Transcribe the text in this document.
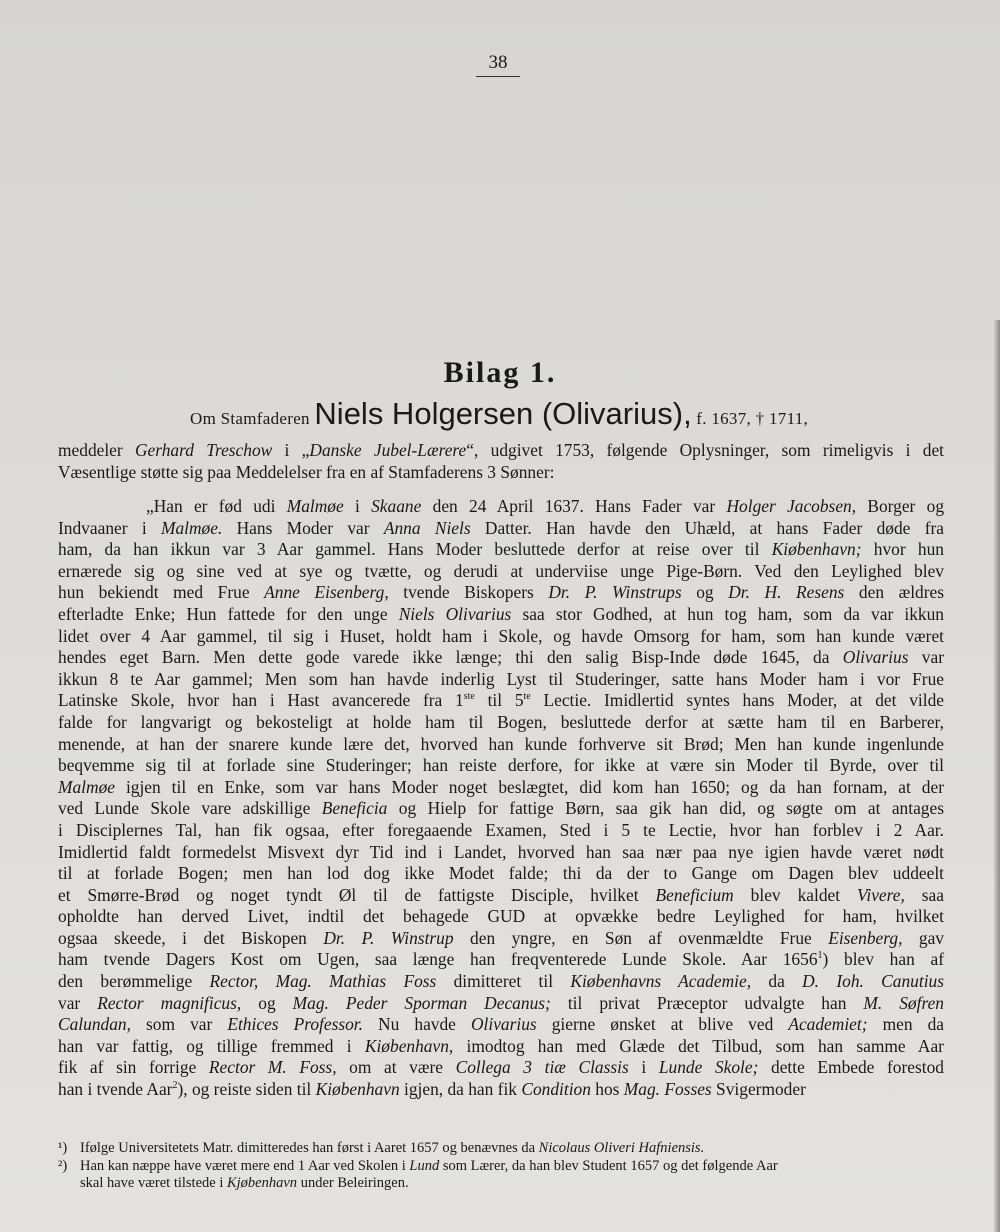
38
Bilag 1.
Om Stamfaderen Niels Holgersen (Olivarius), f. 1637, † 1711,
meddeler Gerhard Treschow i „Danske Jubel-Lærere“, udgivet 1753, følgende Oplysninger, som rimeligvis i det
Væsentlige støtte sig paa Meddelelser fra en af Stamfaderens 3 Sønner:
„Han er fød udi Malmøe i Skaane den 24 April 1637. Hans Fader var Holger Jacobsen, Borger og
Indvaaner i Malmøe. Hans Moder var Anna Niels Datter. Han havde den Uhæld, at hans Fader døde fra
ham, da han ikkun var 3 Aar gammel. Hans Moder besluttede derfor at reise over til Kiøbenhavn; hvor hun
ernærede sig og sine ved at sye og tvætte, og derudi at underviise unge Pige-Børn. Ved den Leylighed blev
hun bekiendt med Frue Anne Eisenberg, tvende Biskopers Dr. P. Winstrups og Dr. H. Resens den ældres
efterladte Enke; Hun fattede for den unge Niels Olivarius saa stor Godhed, at hun tog ham, som da var ikkun
lidet over 4 Aar gammel, til sig i Huset, holdt ham i Skole, og havde Omsorg for ham, som han kunde været
hendes eget Barn. Men dette gode varede ikke længe; thi den salig Bisp-Inde døde 1645, da Olivarius var
ikkun 8 te Aar gammel; Men som han havde inderlig Lyst til Studeringer, satte hans Moder ham i vor Frue
Latinske Skole, hvor han i Hast avancerede fra 1ste til $5^{te}$ Lectie. Imidlertid syntes hans Moder, at det vilde
falde for langvarigt og bekosteligt at holde ham til Bogen, besluttede derfor at sætte ham til en Barberer,
menende, at han der snarere kunde lære det, hvorved han kunde forhverve sit Brød; Men han kunde ingenlunde
beqvemme sig til at forlade sine Studeringer; han reiste derfore, for ikke at være sin Moder til Byrde, over til
Malmøe igjen til en Enke, som var hans Moder noget beslægtet, did kom han 1650; og da han fornam, at der
ved Lunde Skole vare adskillige Beneficia og Hielp for fattige Børn, saa gik han did, og søgte om at antages
i Disciplernes Tal, han fik ogsaa, efter foregaaende Examen, Sted i 5 te Lectie, hvor han forblev i 2 Aar.
Imidlertid faldt formedelst Misvext dyr Tid ind i Landet, hvorved han saa nær paa nye igien havde været nødt
til at forlade Bogen; men han lod dog ikke Modet falde; thi da der to Gange om Dagen blev uddeelt
et Smørre-Brød og noget tyndt Øl til de fattigste Disciple, hvilket Beneficium blev kaldet Vivere, saa
opholdte han derved Livet, indtil det behagede GUD at opvække bedre Leylighed for ham, hvilket
ogsaa skeede, i det Biskopen Dr. P. Winstrup den yngre, en Søn af ovenmældte Frue Eisenberg, gav
ham tvende Dagers Kost om Ugen, saa længe han freqventerede Lunde Skole. Aar 1656$^1$) blev han af
den berømmelige Rector, Mag. Mathias Foss dimitteret til Kiøbenhavns Academie, da D. Ioh. Canutius
var Rector magnificus, og Mag. Peder Sporman Decanus; til privat Præceptor udvalgte han M. Søfren
Calundan, som var Ethices Professor. Nu havde Olivarius gierne ønsket at blive ved Academiet; men da
han var fattig, og tillige fremmed i Kiøbenhavn, imodtog han med Glæde det Tilbud, som han samme Aar
fik af sin forrige Rector M. Foss, om at være Collega 3 tiæ Classis i Lunde Skole; dette Embede forestod
han i tvende Aar$^2$), og reiste siden til Kiøbenhavn igjen, da han fik Condition hos Mag. Fosses Svigermoder
¹) Ifølge Universitetets Matr. dimitteredes han først i Aaret 1657 og benævnes da Nicolaus Oliveri Hafniensis.
²) Han kan næppe have været mere end 1 Aar ved Skolen i Lund som Lærer, da han blev Student 1657 og det følgende Aar
skal have været tilstede i Kjøbenhavn under Beleiringen.
